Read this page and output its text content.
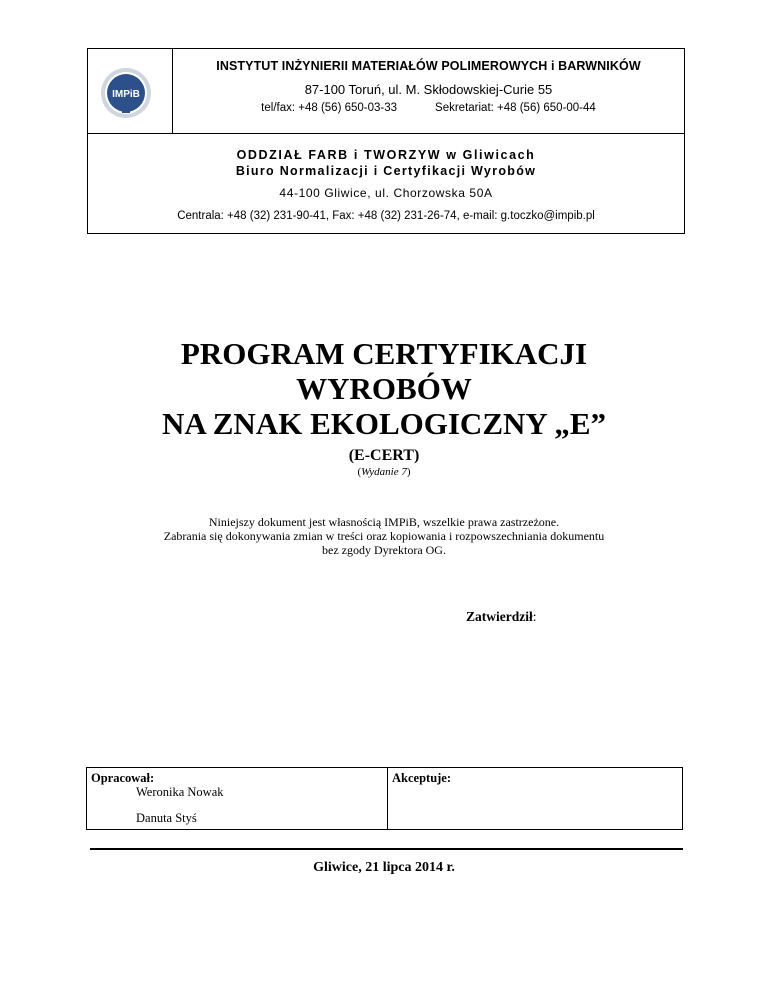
IMPiB
INSTYTUT INŻYNIERII MATERIAŁÓW POLIMEROWYCH i BARWNIKÓW
87-100 Toruń, ul. M. Skłodowskiej-Curie 55
tel/fax: +48 (56) 650-03-33	Sekretariat: +48 (56) 650-00-44
ODDZIAŁ FARB i TWORZYW w Gliwicach
Biuro Normalizacji i Certyfikacji Wyrobów
44-100 Gliwice, ul. Chorzowska 50A
Centrala: +48 (32) 231-90-41, Fax: +48 (32) 231-26-74, e-mail: g.toczko@impib.pl
PROGRAM CERTYFIKACJI
WYROBÓW
NA ZNAK EKOLOGICZNY „E”
(E-CERT)
(Wydanie 7)
Niniejszy dokument jest własnością IMPiB, wszelkie prawa zastrzeżone.
Zabrania się dokonywania zmian w treści oraz kopiowania i rozpowszechniania dokumentu
bez zgody Dyrektora OG.
Zatwierdził:
Opracował:
Weronika Nowak
Danuta Styś
Akceptuje:
Gliwice, 21 lipca 2014 r.
